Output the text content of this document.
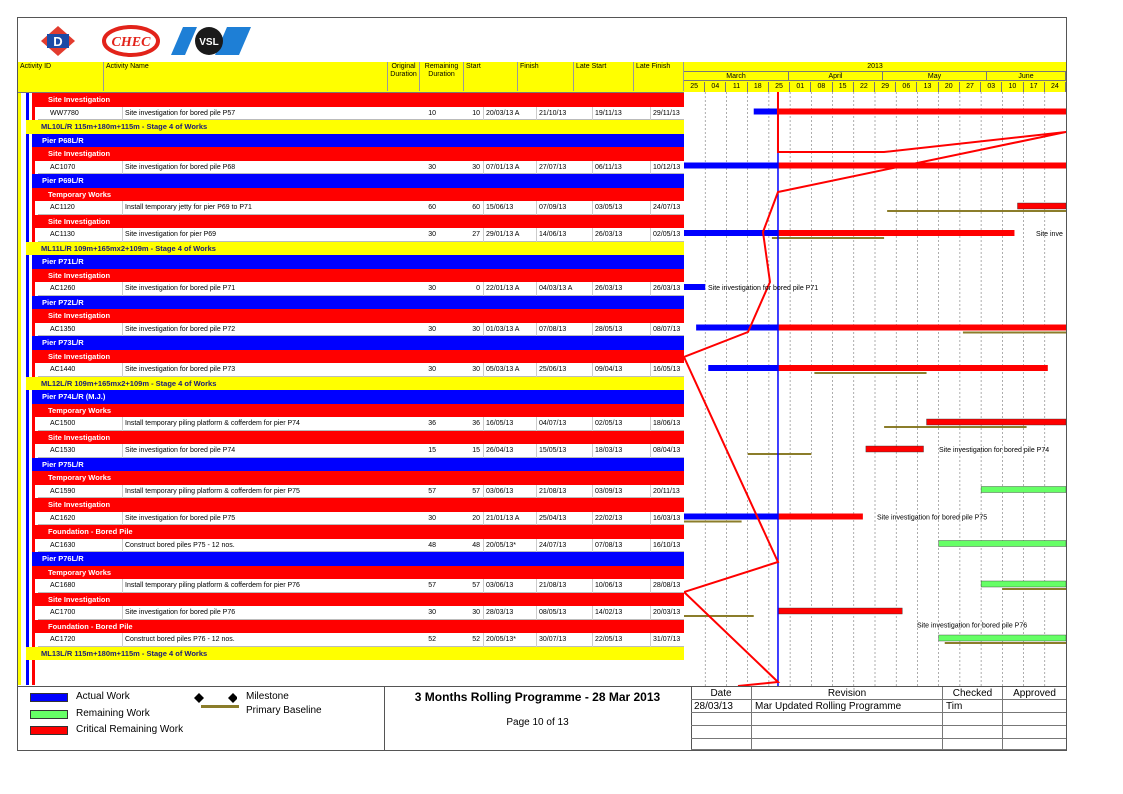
D	CHEC	VSL
Activity ID	Activity Name	Original Duration
Remaining Duration
Start	Finish	Late Start	Late Finish
Site Investigation
WW7780	Site investigation for bored pile P57	10	10 20/03/13 A	21/10/13	19/11/13	29/11/13
ML10L/R 115m+180m+115m - Stage 4 of Works
Pier P68L/R
Site Investigation
AC1070	Site investigation for bored pile P68	30	30 07/01/13 A	27/07/13	06/11/13	10/12/13
Pier P69L/R
Temporary Works
AC1120	Install temporary jetty for pier P69 to P71	60	60 15/06/13	07/09/13	03/05/13	24/07/13
Site Investigation
AC1130	Site investigation for pier P69	30	27 29/01/13 A	14/06/13	26/03/13	02/05/13
ML11L/R 109m+165mx2+109m - Stage 4 of Works
Pier P71L/R
Site Investigation
AC1260	Site investigation for bored pile P71	30	0 22/01/13 A	04/03/13 A	26/03/13	26/03/13
Pier P72L/R
Site Investigation
AC1350	Site investigation for bored pile P72	30	30 01/03/13 A	07/08/13	28/05/13	08/07/13
Pier P73L/R
Site Investigation
AC1440	Site investigation for bored pile P73	30	30 05/03/13 A	25/06/13	09/04/13	16/05/13
ML12L/R 109m+165mx2+109m - Stage 4 of Works
Pier P74L/R (M.J.)
Temporary Works
AC1500	Install temporary piling platform & cofferdem for pier P74	36	36 16/05/13	04/07/13	02/05/13	18/06/13
Site Investigation
AC1530	Site investigation for bored pile P74	15	15 26/04/13	15/05/13	18/03/13	08/04/13
Pier P75L/R
Temporary Works
AC1590	Install temporary piling platform & cofferdem for pier P75	57	57 03/06/13	21/08/13	03/09/13	20/11/13
Site Investigation
AC1620	Site investigation for bored pile P75	30	20 21/01/13 A	25/04/13	22/02/13	16/03/13
Foundation - Bored Pile
AC1630	Construct bored piles P75 - 12 nos.	48	48 20/05/13*	24/07/13	07/08/13	16/10/13
Pier P76L/R
Temporary Works
AC1680	Install temporary piling platform & cofferdem for pier P76	57	57 03/06/13	21/08/13	10/06/13	28/08/13
Site Investigation
AC1700	Site investigation for bored pile P76	30	30 28/03/13	08/05/13	14/02/13	20/03/13
Foundation - Bored Pile
AC1720	Construct bored piles P76 - 12 nos.	52	52 20/05/13*	30/07/13	22/05/13	31/07/13
ML13L/R 115m+180m+115m - Stage 4 of Works
2013
March	April	May	June
25	04	11	18	25	01	08	15	22	29	06	13	20	27	03	10	17	24
Site inve
Site investigation for bored pile P71
Site investigation for bored pile P74
Site investigation for bored pile P75
Site investigation for bored pile P76
Actual Work
Remaining Work
Critical Remaining Work
Milestone
Primary Baseline
3 Months Rolling Programme - 28 Mar 2013
Page 10 of 13
Date	Revision	Checked	Approved
28/03/13	Mar Updated Rolling Programme	Tim
